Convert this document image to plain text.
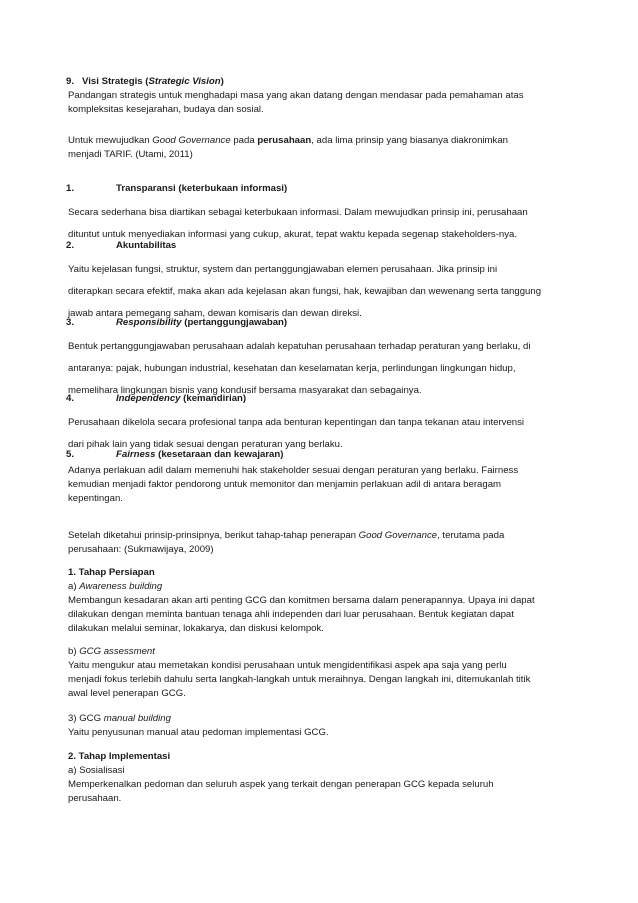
9. Visi Strategis (Strategic Vision)
Pandangan strategis untuk menghadapi masa yang akan datang dengan mendasar pada pemahaman atas
kompleksitas kesejarahan, budaya dan sosial.
Untuk mewujudkan Good Governance pada perusahaan, ada lima prinsip yang biasanya diakronimkan
menjadi TARIF. (Utami, 2011)
1.	Transparansi (keterbukaan informasi)
Secara sederhana bisa diartikan sebagai keterbukaan informasi. Dalam mewujudkan prinsip ini, perusahaan
dituntut untuk menyediakan informasi yang cukup, akurat, tepat waktu kepada segenap stakeholders-nya.
2.	Akuntabilitas
Yaitu kejelasan fungsi, struktur, system dan pertanggungjawaban elemen perusahaan. Jika prinsip ini
diterapkan secara efektif, maka akan ada kejelasan akan fungsi, hak, kewajiban dan wewenang serta tanggung
jawab antara pemegang saham, dewan komisaris dan dewan direksi.
3.	Responsibility (pertanggungjawaban)
Bentuk pertanggungjawaban perusahaan adalah kepatuhan perusahaan terhadap peraturan yang berlaku, di
antaranya: pajak, hubungan industrial, kesehatan dan keselamatan kerja, perlindungan lingkungan hidup,
memelihara lingkungan bisnis yang kondusif bersama masyarakat dan sebagainya.
4.	Independency (kemandirian)
Perusahaan dikelola secara profesional tanpa ada benturan kepentingan dan tanpa tekanan atau intervensi
dari pihak lain yang tidak sesuai dengan peraturan yang berlaku.
5.	Fairness (kesetaraan dan kewajaran)
Adanya perlakuan adil dalam memenuhi hak stakeholder sesuai dengan peraturan yang berlaku. Fairness
kemudian menjadi faktor pendorong untuk memonitor dan menjamin perlakuan adil di antara beragam
kepentingan.
Setelah diketahui prinsip-prinsipnya, berikut tahap-tahap penerapan Good Governance, terutama pada
perusahaan: (Sukmawijaya, 2009)
1. Tahap Persiapan
a) Awareness building
Membangun kesadaran akan arti penting GCG dan komitmen bersama dalam penerapannya. Upaya ini dapat
dilakukan dengan meminta bantuan tenaga ahli independen dari luar perusahaan. Bentuk kegiatan dapat
dilakukan melalui seminar, lokakarya, dan diskusi kelompok.
b) GCG assessment
Yaitu mengukur atau memetakan kondisi perusahaan untuk mengidentifikasi aspek apa saja yang perlu
menjadi fokus terlebih dahulu serta langkah-langkah untuk meraihnya. Dengan langkah ini, ditemukanlah titik
awal level penerapan GCG.
3) GCG manual building
Yaitu penyusunan manual atau pedoman implementasi GCG.
2. Tahap Implementasi
a) Sosialisasi
Memperkenalkan pedoman dan seluruh aspek yang terkait dengan penerapan GCG kepada seluruh
perusahaan.
